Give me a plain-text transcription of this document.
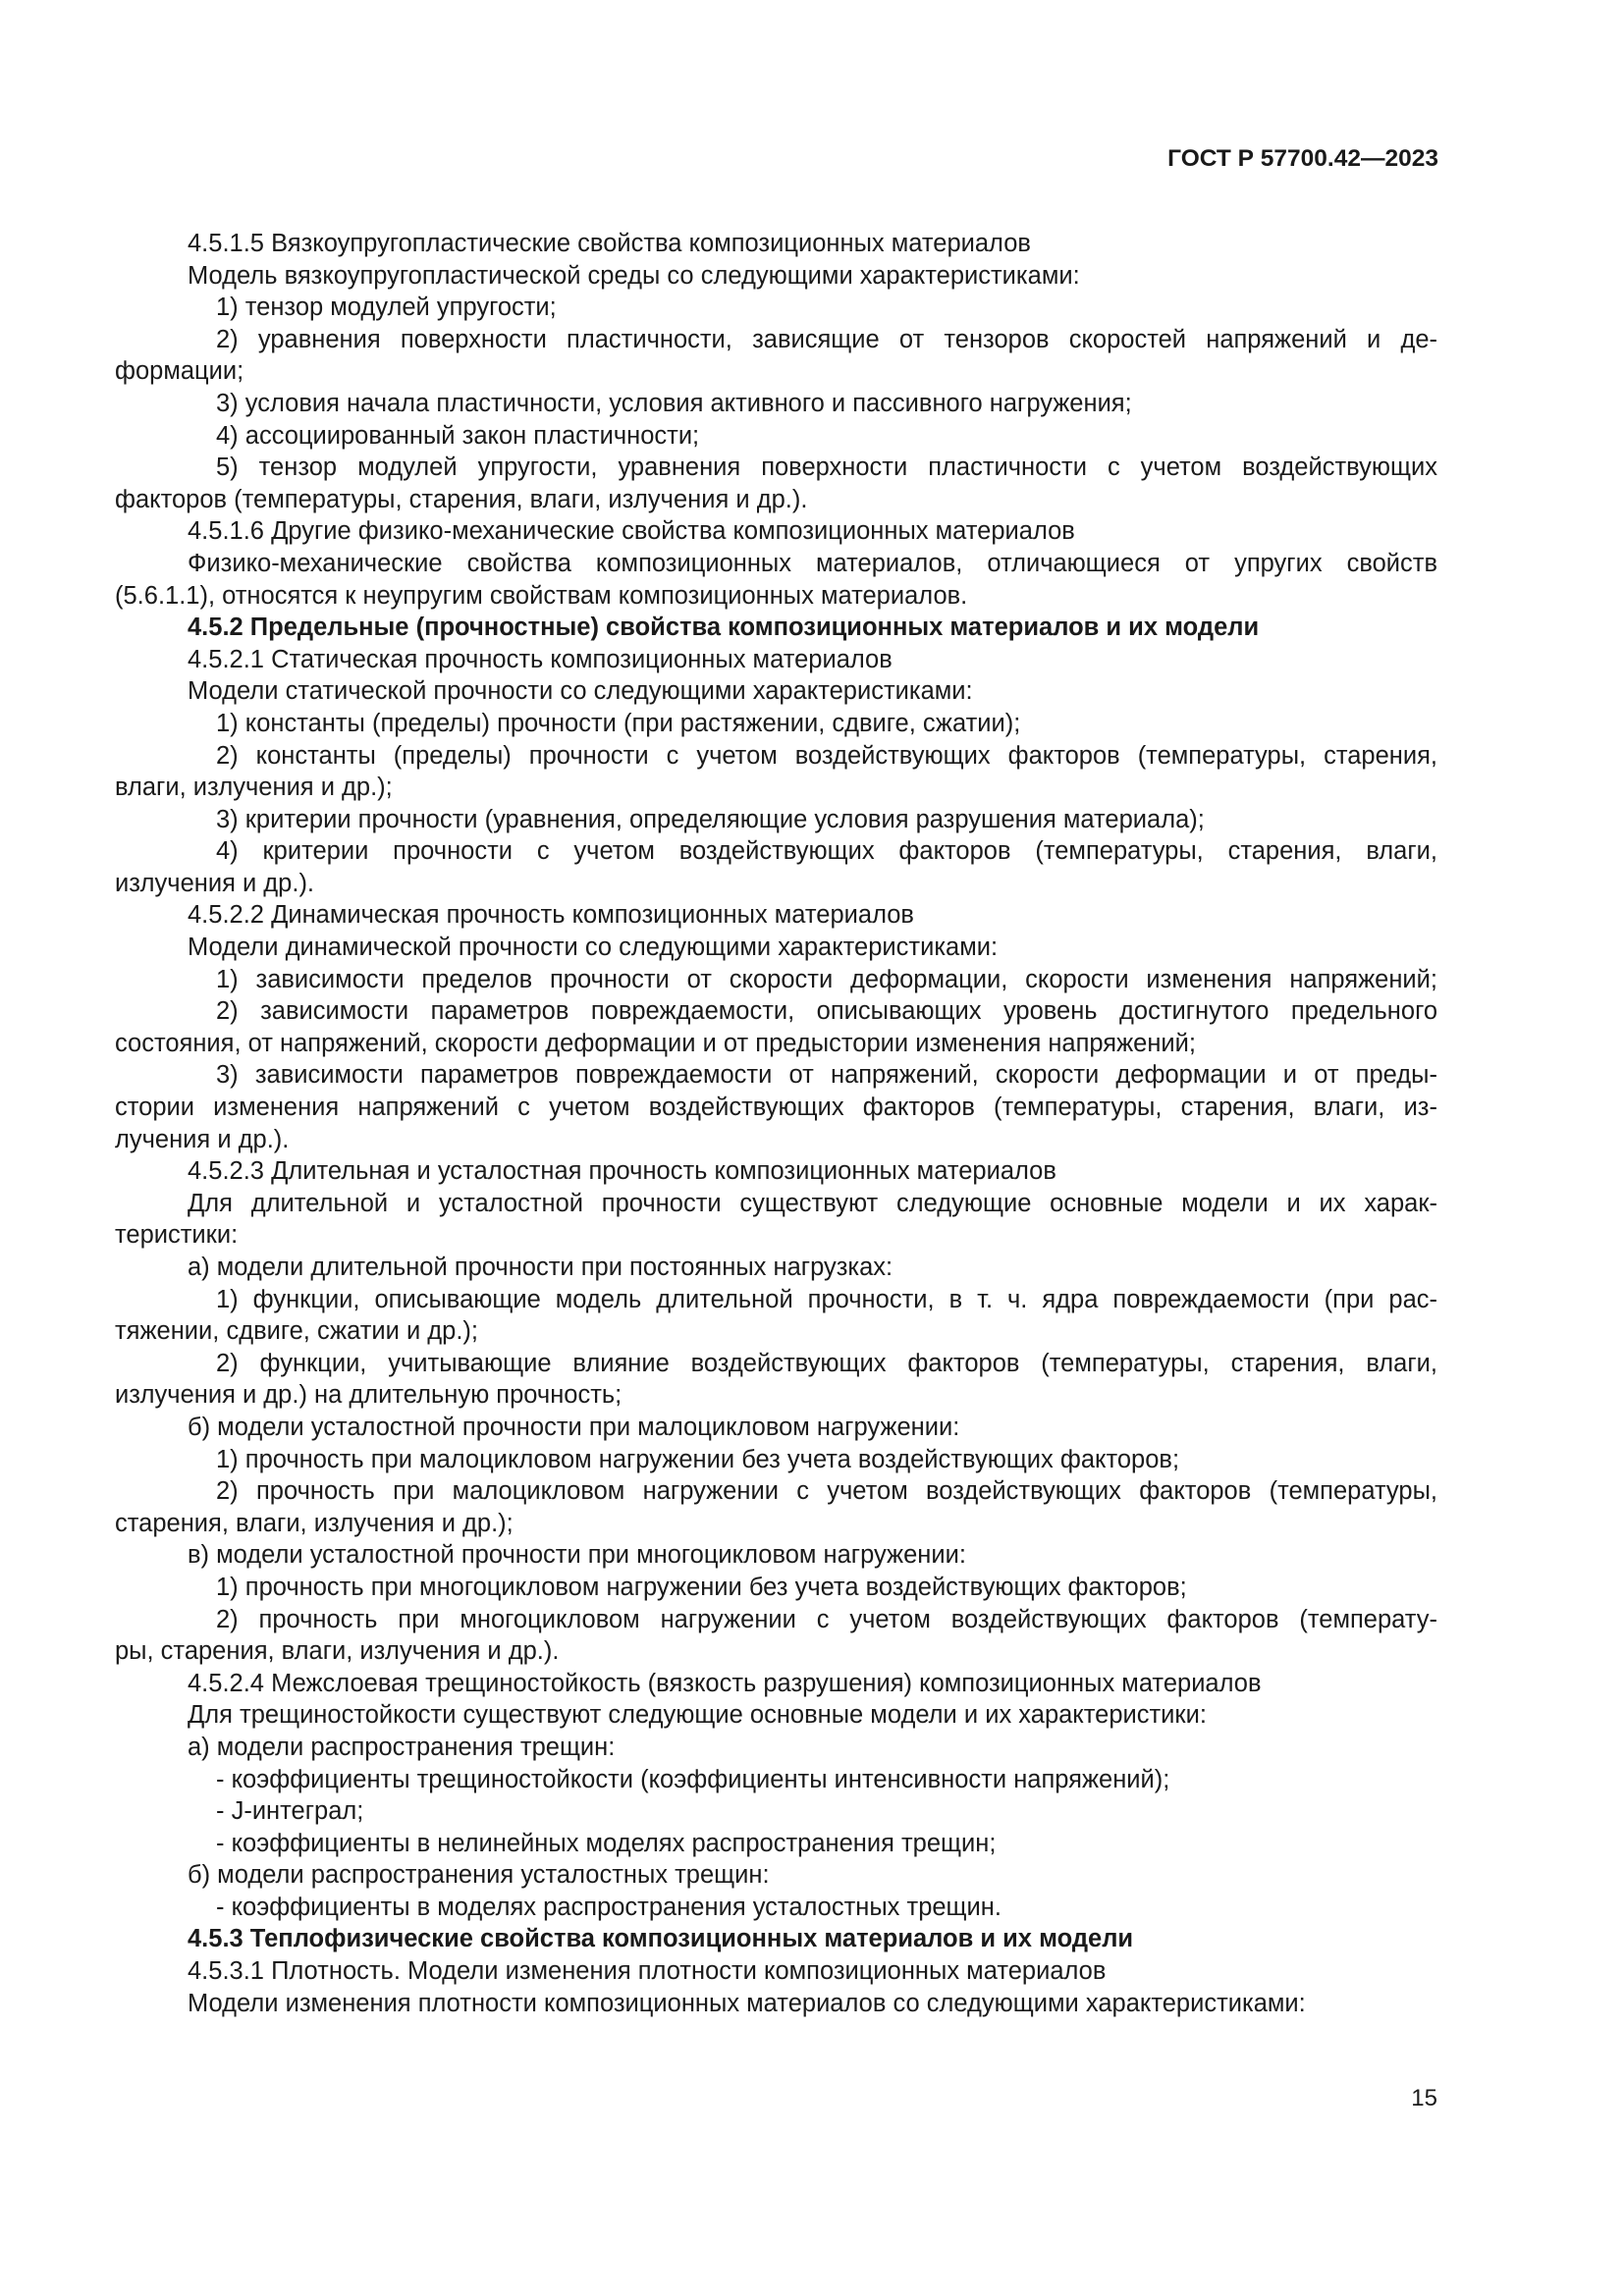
ГОСТ Р 57700.42—2023
4.5.1.5 Вязкоупругопластические свойства композиционных материалов
Модель вязкоупругопластической среды со следующими характеристиками:
1) тензор модулей упругости;
2) уравнения поверхности пластичности, зависящие от тензоров скоростей напряжений и де-
формации;
3) условия начала пластичности, условия активного и пассивного нагружения;
4) ассоциированный закон пластичности;
5) тензор модулей упругости, уравнения поверхности пластичности с учетом воздействующих
факторов (температуры, старения, влаги, излучения и др.).
4.5.1.6 Другие физико-механические свойства композиционных материалов
Физико-механические свойства композиционных материалов, отличающиеся от упругих свойств
(5.6.1.1), относятся к неупругим свойствам композиционных материалов.
4.5.2 Предельные (прочностные) свойства композиционных материалов и их модели
4.5.2.1 Статическая прочность композиционных материалов
Модели статической прочности со следующими характеристиками:
1) константы (пределы) прочности (при растяжении, сдвиге, сжатии);
2) константы (пределы) прочности с учетом воздействующих факторов (температуры, старения,
влаги, излучения и др.);
3) критерии прочности (уравнения, определяющие условия разрушения материала);
4) критерии прочности с учетом воздействующих факторов (температуры, старения, влаги,
излучения и др.).
4.5.2.2 Динамическая прочность композиционных материалов
Модели динамической прочности со следующими характеристиками:
1) зависимости пределов прочности от скорости деформации, скорости изменения напряжений;
2) зависимости параметров повреждаемости, описывающих уровень достигнутого предельного
состояния, от напряжений, скорости деформации и от предыстории изменения напряжений;
3) зависимости параметров повреждаемости от напряжений, скорости деформации и от преды-
стории изменения напряжений с учетом воздействующих факторов (температуры, старения, влаги, из-
лучения и др.).
4.5.2.3 Длительная и усталостная прочность композиционных материалов
Для длительной и усталостной прочности существуют следующие основные модели и их харак-
теристики:
а) модели длительной прочности при постоянных нагрузках:
1) функции, описывающие модель длительной прочности, в т. ч. ядра повреждаемости (при рас-
тяжении, сдвиге, сжатии и др.);
2) функции, учитывающие влияние воздействующих факторов (температуры, старения, влаги,
излучения и др.) на длительную прочность;
б) модели усталостной прочности при малоцикловом нагружении:
1) прочность при малоцикловом нагружении без учета воздействующих факторов;
2) прочность при малоцикловом нагружении с учетом воздействующих факторов (температуры,
старения, влаги, излучения и др.);
в) модели усталостной прочности при многоцикловом нагружении:
1) прочность при многоцикловом нагружении без учета воздействующих факторов;
2) прочность при многоцикловом нагружении с учетом воздействующих факторов (температу-
ры, старения, влаги, излучения и др.).
4.5.2.4 Межслоевая трещиностойкость (вязкость разрушения) композиционных материалов
Для трещиностойкости существуют следующие основные модели и их характеристики:
а) модели распространения трещин:
- коэффициенты трещиностойкости (коэффициенты интенсивности напряжений);
- J-интеграл;
- коэффициенты в нелинейных моделях распространения трещин;
б) модели распространения усталостных трещин:
- коэффициенты в моделях распространения усталостных трещин.
4.5.3 Теплофизические свойства композиционных материалов и их модели
4.5.3.1 Плотность. Модели изменения плотности композиционных материалов
Модели изменения плотности композиционных материалов со следующими характеристиками:
15
